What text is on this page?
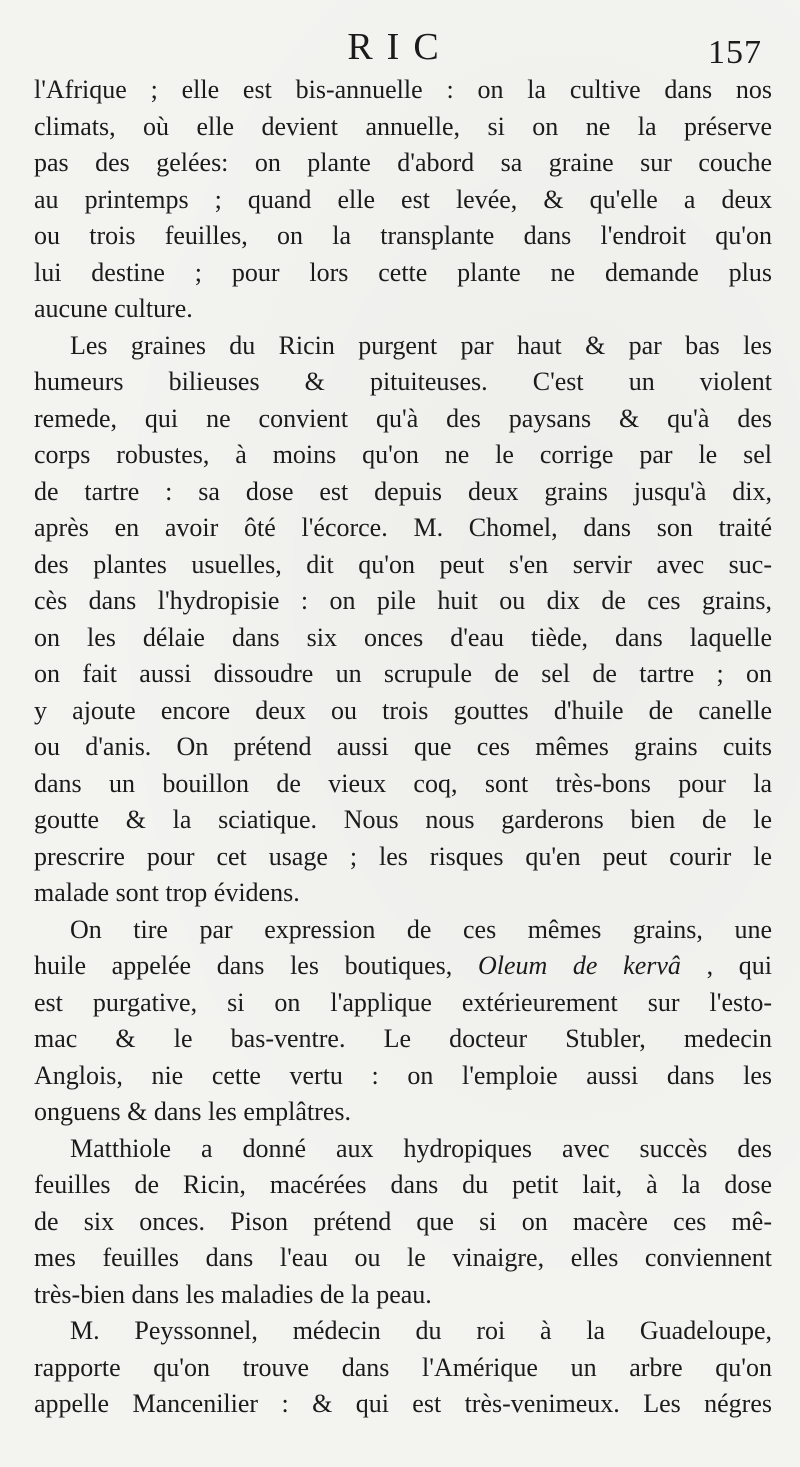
RIC	157
l'Afrique ; elle est bis-annuelle : on la cultive dans nos
climats, où elle devient annuelle, si on ne la préserve
pas des gelées: on plante d'abord sa graine sur couche
au printemps ; quand elle est levée, & qu'elle a deux
ou trois feuilles, on la transplante dans l'endroit qu'on
lui destine ; pour lors cette plante ne demande plus
aucune culture.
Les graines du Ricin purgent par haut & par bas les
humeurs bilieuses & pituiteuses. C'est un violent
remede, qui ne convient qu'à des paysans & qu'à des
corps robustes, à moins qu'on ne le corrige par le sel
de tartre : sa dose est depuis deux grains jusqu'à dix,
après en avoir ôté l'écorce. M. Chomel, dans son traité
des plantes usuelles, dit qu'on peut s'en servir avec suc-
cès dans l'hydropisie : on pile huit ou dix de ces grains,
on les délaie dans six onces d'eau tiède, dans laquelle
on fait aussi dissoudre un scrupule de sel de tartre ; on
y ajoute encore deux ou trois gouttes d'huile de canelle
ou d'anis. On prétend aussi que ces mêmes grains cuits
dans un bouillon de vieux coq, sont très-bons pour la
goutte & la sciatique. Nous nous garderons bien de le
prescrire pour cet usage ; les risques qu'en peut courir le
malade sont trop évidens.
On tire par expression de ces mêmes grains, une
huile appelée dans les boutiques, Oleum de kervâ , qui
est purgative, si on l'applique extérieurement sur l'esto-
mac & le bas-ventre. Le docteur Stubler, medecin
Anglois, nie cette vertu : on l'emploie aussi dans les
onguens & dans les emplâtres.
Matthiole a donné aux hydropiques avec succès des
feuilles de Ricin, macérées dans du petit lait, à la dose
de six onces. Pison prétend que si on macère ces mê-
mes feuilles dans l'eau ou le vinaigre, elles conviennent
très-bien dans les maladies de la peau.
M. Peyssonnel, médecin du roi à la Guadeloupe,
rapporte qu'on trouve dans l'Amérique un arbre qu'on
appelle Mancenilier : & qui est très-venimeux. Les négres
